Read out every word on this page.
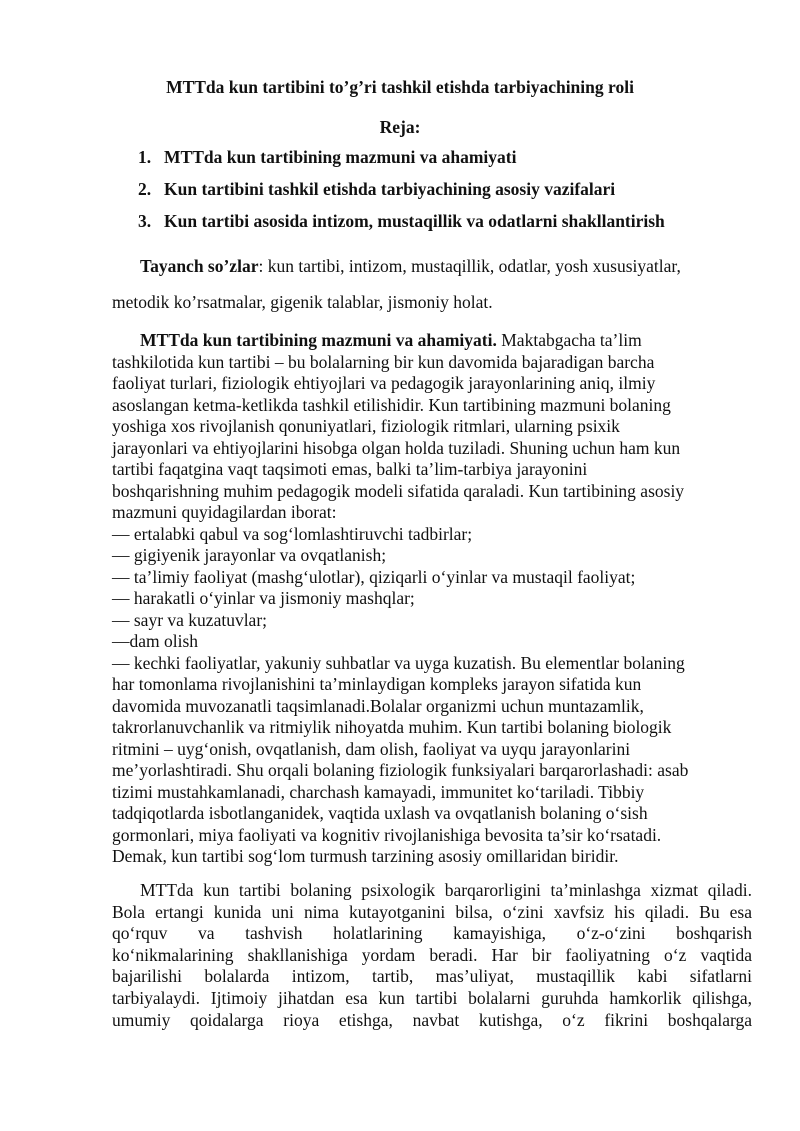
MTTda kun tartibini to’g’ri tashkil etishda tarbiyachining roli
Reja:
1. MTTda kun tartibining mazmuni va ahamiyati
2. Kun tartibini tashkil etishda tarbiyachining asosiy vazifalari
3. Kun tartibi asosida intizom, mustaqillik va odatlarni shakllantirish
Tayanch so’zlar: kun tartibi, intizom, mustaqillik, odatlar, yosh xususiyatlar,
metodik ko’rsatmalar, gigenik talablar, jismoniy holat.
MTTda kun tartibining mazmuni va ahamiyati. Maktabgacha ta’lim
tashkilotida kun tartibi – bu bolalarning bir kun davomida bajaradigan barcha
faoliyat turlari, fiziologik ehtiyojlari va pedagogik jarayonlarining aniq, ilmiy
asoslangan ketma-ketlikda tashkil etilishidir. Kun tartibining mazmuni bolaning
yoshiga xos rivojlanish qonuniyatlari, fiziologik ritmlari, ularning psixik
jarayonlari va ehtiyojlarini hisobga olgan holda tuziladi. Shuning uchun ham kun
tartibi faqatgina vaqt taqsimoti emas, balki ta’lim-tarbiya jarayonini
boshqarishning muhim pedagogik modeli sifatida qaraladi. Kun tartibining asosiy
mazmuni quyidagilardan iborat:
— ertalabki qabul va sog‘lomlashtiruvchi tadbirlar;
— gigiyenik jarayonlar va ovqatlanish;
— ta’limiy faoliyat (mashg‘ulotlar), qiziqarli o‘yinlar va mustaqil faoliyat;
— harakatli o‘yinlar va jismoniy mashqlar;
— sayr va kuzatuvlar;
—dam olish
— kechki faoliyatlar, yakuniy suhbatlar va uyga kuzatish. Bu elementlar bolaning
har tomonlama rivojlanishini ta’minlaydigan kompleks jarayon sifatida kun
davomida muvozanatli taqsimlanadi.Bolalar organizmi uchun muntazamlik,
takrorlanuvchanlik va ritmiylik nihoyatda muhim. Kun tartibi bolaning biologik
ritmini – uyg‘onish, ovqatlanish, dam olish, faoliyat va uyqu jarayonlarini
me’yorlashtiradi. Shu orqali bolaning fiziologik funksiyalari barqarorlashadi: asab
tizimi mustahkamlanadi, charchash kamayadi, immunitet ko‘tariladi. Tibbiy
tadqiqotlarda isbotlanganidek, vaqtida uxlash va ovqatlanish bolaning o‘sish
gormonlari, miya faoliyati va kognitiv rivojlanishiga bevosita ta’sir ko‘rsatadi.
Demak, kun tartibi sog‘lom turmush tarzining asosiy omillaridan biridir.
MTTda kun tartibi bolaning psixologik barqarorligini ta’minlashga xizmat qiladi.
Bola ertangi kunida uni nima kutayotganini bilsa, o‘zini xavfsiz his qiladi. Bu esa
qo‘rquv va tashvish holatlarining kamayishiga, o‘z-o‘zini boshqarish
ko‘nikmalarining shakllanishiga yordam beradi. Har bir faoliyatning o‘z vaqtida
bajarilishi bolalarda intizom, tartib, mas’uliyat, mustaqillik kabi sifatlarni
tarbiyalaydi. Ijtimoiy jihatdan esa kun tartibi bolalarni guruhda hamkorlik qilishga,
umumiy qoidalarga rioya etishga, navbat kutishga, o‘z fikrini boshqalarga
